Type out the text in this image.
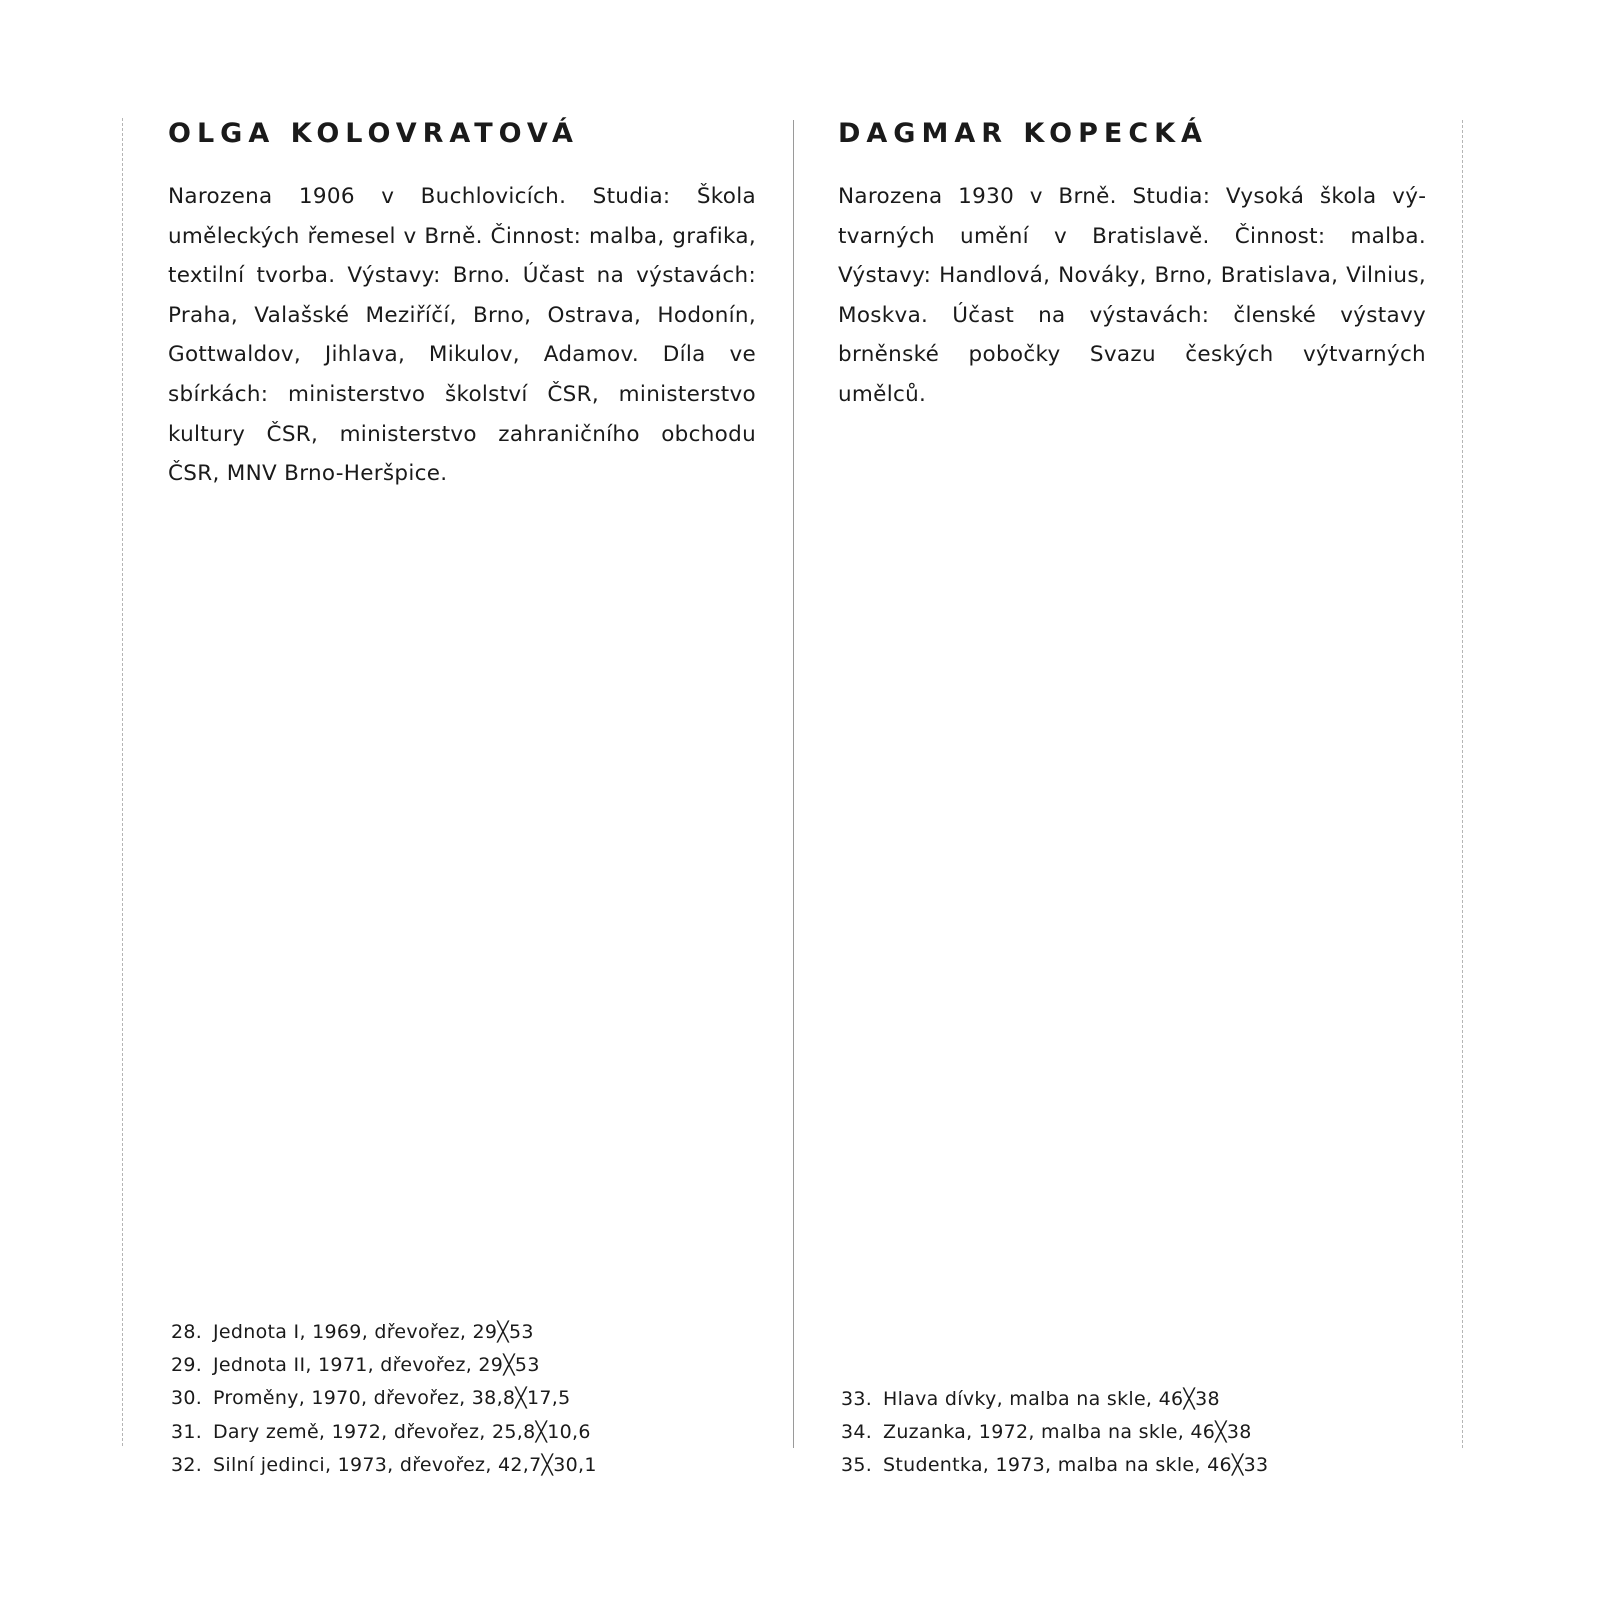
OLGA KOLOVRATOVÁ

Narozena 1906 v Buchlovicích. Studia: Škola uměleckých řemesel v Brně. Činnost: malba, grafika, textilní tvorba. Výstavy: Brno. Účast na výstavách: Praha, Valašské Meziříčí, Brno, Ostrava, Hodonín, Gottwaldov, Jihlava, Mikulov, Adamov. Díla ve sbírkách: ministerstvo školství ČSR, ministerstvo kultury ČSR, ministerstvo zahraničního obchodu ČSR, MNV Brno-Heršpice.

28. Jednota I, 1969, dřevořez, 29╳53
29. Jednota II, 1971, dřevořez, 29╳53
30. Proměny, 1970, dřevořez, 38,8╳17,5
31. Dary země, 1972, dřevořez, 25,8╳10,6
32. Silní jedinci, 1973, dřevořez, 42,7╳30,1
DAGMAR KOPECKÁ

Narozena 1930 v Brně. Studia: Vysoká škola výtvarných umění v Bratislavě. Činnost: malba. Výstavy: Handlová, Nováky, Brno, Bratislava, Vilnius, Moskva. Účast na výstavách: členské výstavy brněnské pobočky Svazu českých výtvarných umělců.

33. Hlava dívky, malba na skle, 46╳38
34. Zuzanka, 1972, malba na skle, 46╳38
35. Studentka, 1973, malba na skle, 46╳33
